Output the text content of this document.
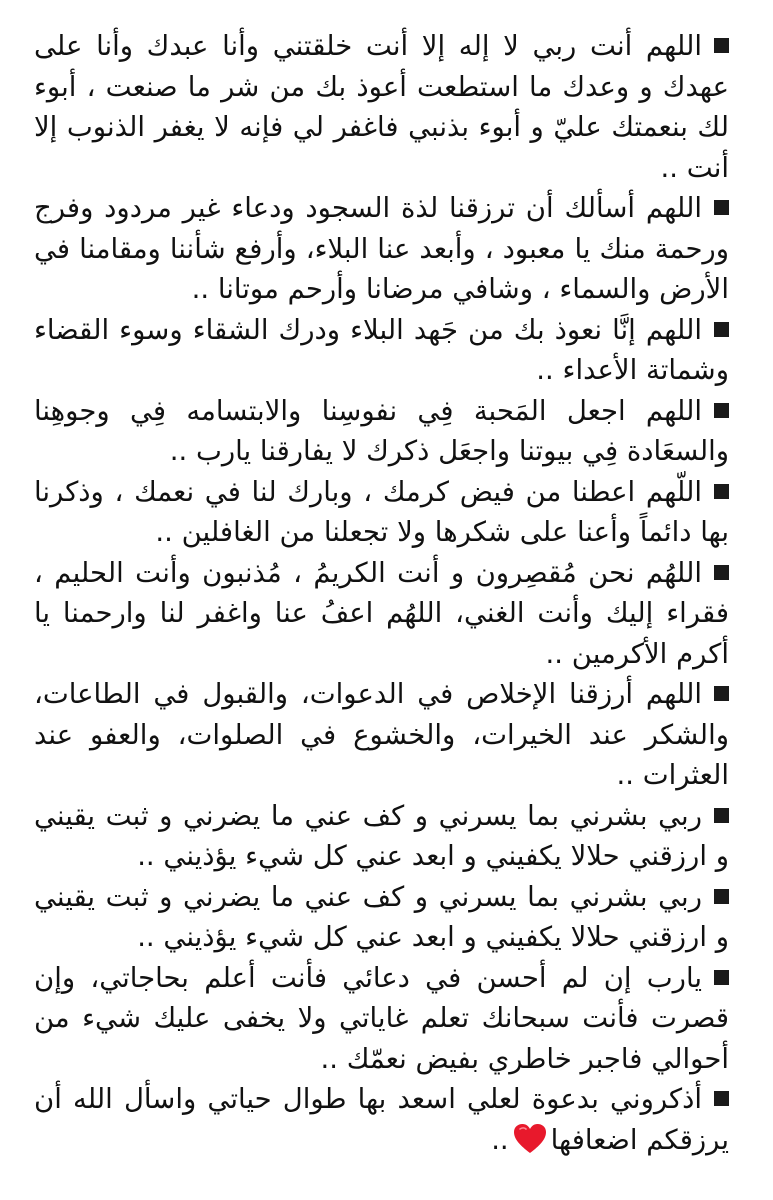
اللهم أنت ربي لا إله إلا أنت خلقتني وأنا عبدك وأنا على عهدك و وعدك ما استطعت أعوذ بك من شر ما صنعت ، أبوء لك بنعمتك عليّ و أبوء بذنبي فاغفر لي فإنه لا يغفر الذنوب إلا أنت ..

اللهم أسألك أن ترزقنا لذة السجود ودعاء غير مردود وفرج ورحمة منك يا معبود ، وأبعد عنا البلاء، وأرفع شأننا ومقامنا في الأرض والسماء ، وشافي مرضانا وأرحم موتانا ..

اللهم إنَّا نعوذ بك من جَهد البلاء ودرك الشقاء وسوء القضاء وشماتة الأعداء ..

اللهم اجعل المَحبة فِي نفوسِنا والابتسامه فِي وجوهِنا والسعَادة فِي بيوتنا واجعَل ذكرك لا يفارقنا يارب ..

اللّهم اعطنا من فيض كرمك ، وبارك لنا في نعمك ، وذكرنا بها دائماً وأعنا على شكرها ولا تجعلنا من الغافلين ..

اللهُم نحن مُقصِرون و أنت الكريمُ ، مُذنبون وأنت الحليم ، فقراء إليك وأنت الغني، اللهُم اعفُ عنا واغفر لنا وارحمنا يا أكرم الأكرمين ..

اللهم أرزقنا الإخلاص في الدعوات، والقبول في الطاعات، والشكر عند الخيرات، والخشوع في الصلوات، والعفو عند العثرات ..

ربي بشرني بما يسرني و كف عني ما يضرني و ثبت يقيني و ارزقني حلالا يكفيني و ابعد عني كل شيء يؤذيني ..

ربي بشرني بما يسرني و كف عني ما يضرني و ثبت يقيني و ارزقني حلالا يكفيني و ابعد عني كل شيء يؤذيني ..

يارب إن لم أحسن في دعائي فأنت أعلم بحاجاتي، وإن قصرت فأنت سبحانك تعلم غاياتي ولا يخفى عليك شيء من أحوالي فاجبر خاطري بفيض نعمّك ..

أذكروني بدعوة لعلي اسعد بها طوال حياتي واسأل الله أن يرزقكم اضعافها..
